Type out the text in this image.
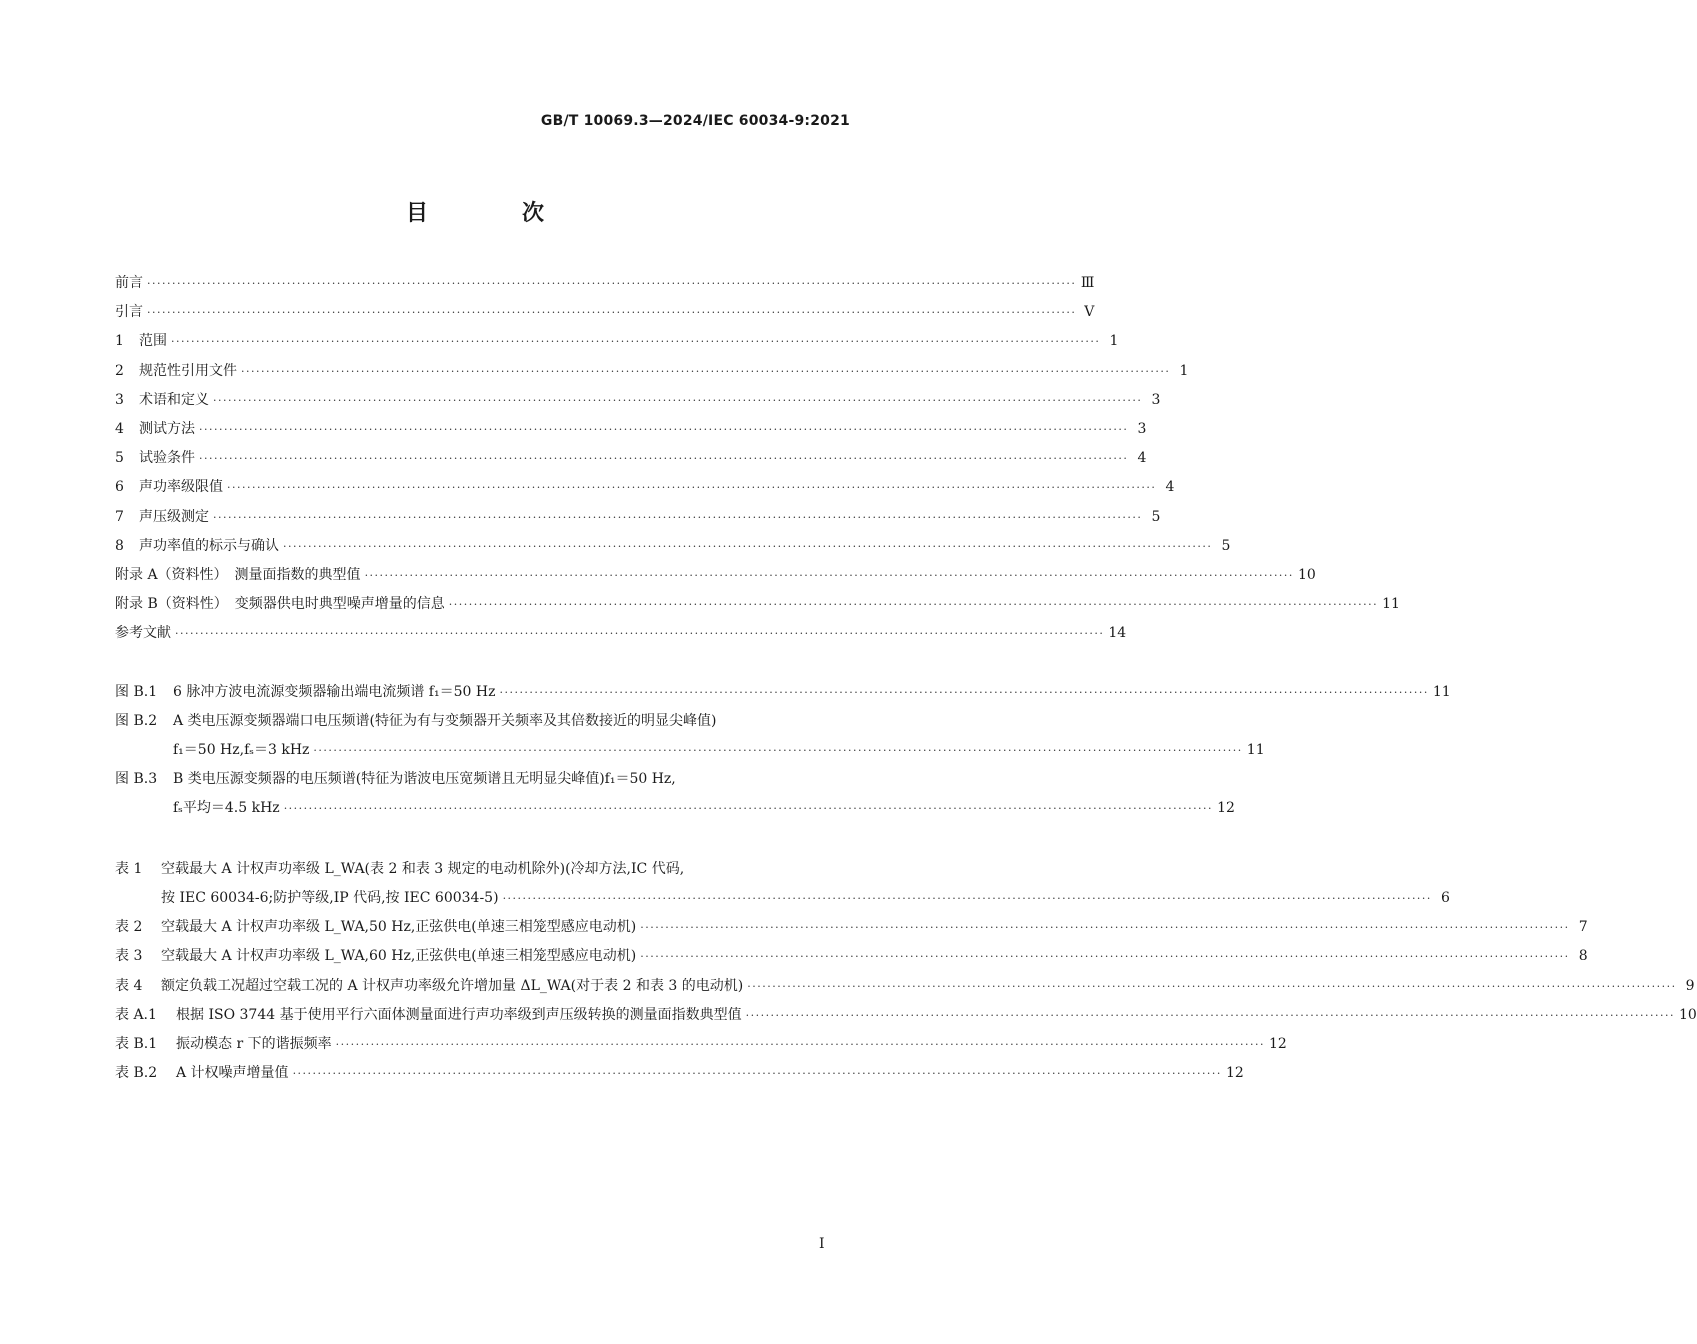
GB/T 10069.3—2024/IEC 60034-9:2021
目　次
前言 ·····	Ⅲ
引言 ·····	Ⅴ
1	范围 ·····	1
2	规范性引用文件 ·····	1
3	术语和定义 ·····	3
4	测试方法 ·····	3
5	试验条件 ·····	4
6	声功率级限值 ·····	4
7	声压级测定 ·····	5
8	声功率值的标示与确认 ·····	5
附录 A（资料性）　测量面指数的典型值 ·····	10
附录 B（资料性）　变频器供电时典型噪声增量的信息 ·····	11
参考文献 ·····	14
图 B.1	6 脉冲方波电流源变频器输出端电流频谱 f₁＝50 Hz ·····	11
图 B.2	A 类电压源变频器端口电压频谱(特征为有与变频器开关频率及其倍数接近的明显尖峰值)
f₁＝50 Hz,fₛ＝3 kHz ·····	11
图 B.3	B 类电压源变频器的电压频谱(特征为谐波电压宽频谱且无明显尖峰值)f₁＝50 Hz,
fₛ平均＝4.5 kHz ·····	12
表 1	空载最大 A 计权声功率级 L_WA(表 2 和表 3 规定的电动机除外)(冷却方法,IC 代码,
按 IEC 60034-6;防护等级,IP 代码,按 IEC 60034-5) ·····	6
表 2	空载最大 A 计权声功率级 L_WA,50 Hz,正弦供电(单速三相笼型感应电动机) ·····	7
表 3	空载最大 A 计权声功率级 L_WA,60 Hz,正弦供电(单速三相笼型感应电动机) ·····	8
表 4	额定负载工况超过空载工况的 A 计权声功率级允许增加量 ΔL_WA(对于表 2 和表 3 的电动机) ·····	9
表 A.1	根据 ISO 3744 基于使用平行六面体测量面进行声功率级到声压级转换的测量面指数典型值 ·····	10
表 B.1	振动模态 r 下的谐振频率 ·····	12
表 B.2	A 计权噪声增量值 ·····	12
Ⅰ
